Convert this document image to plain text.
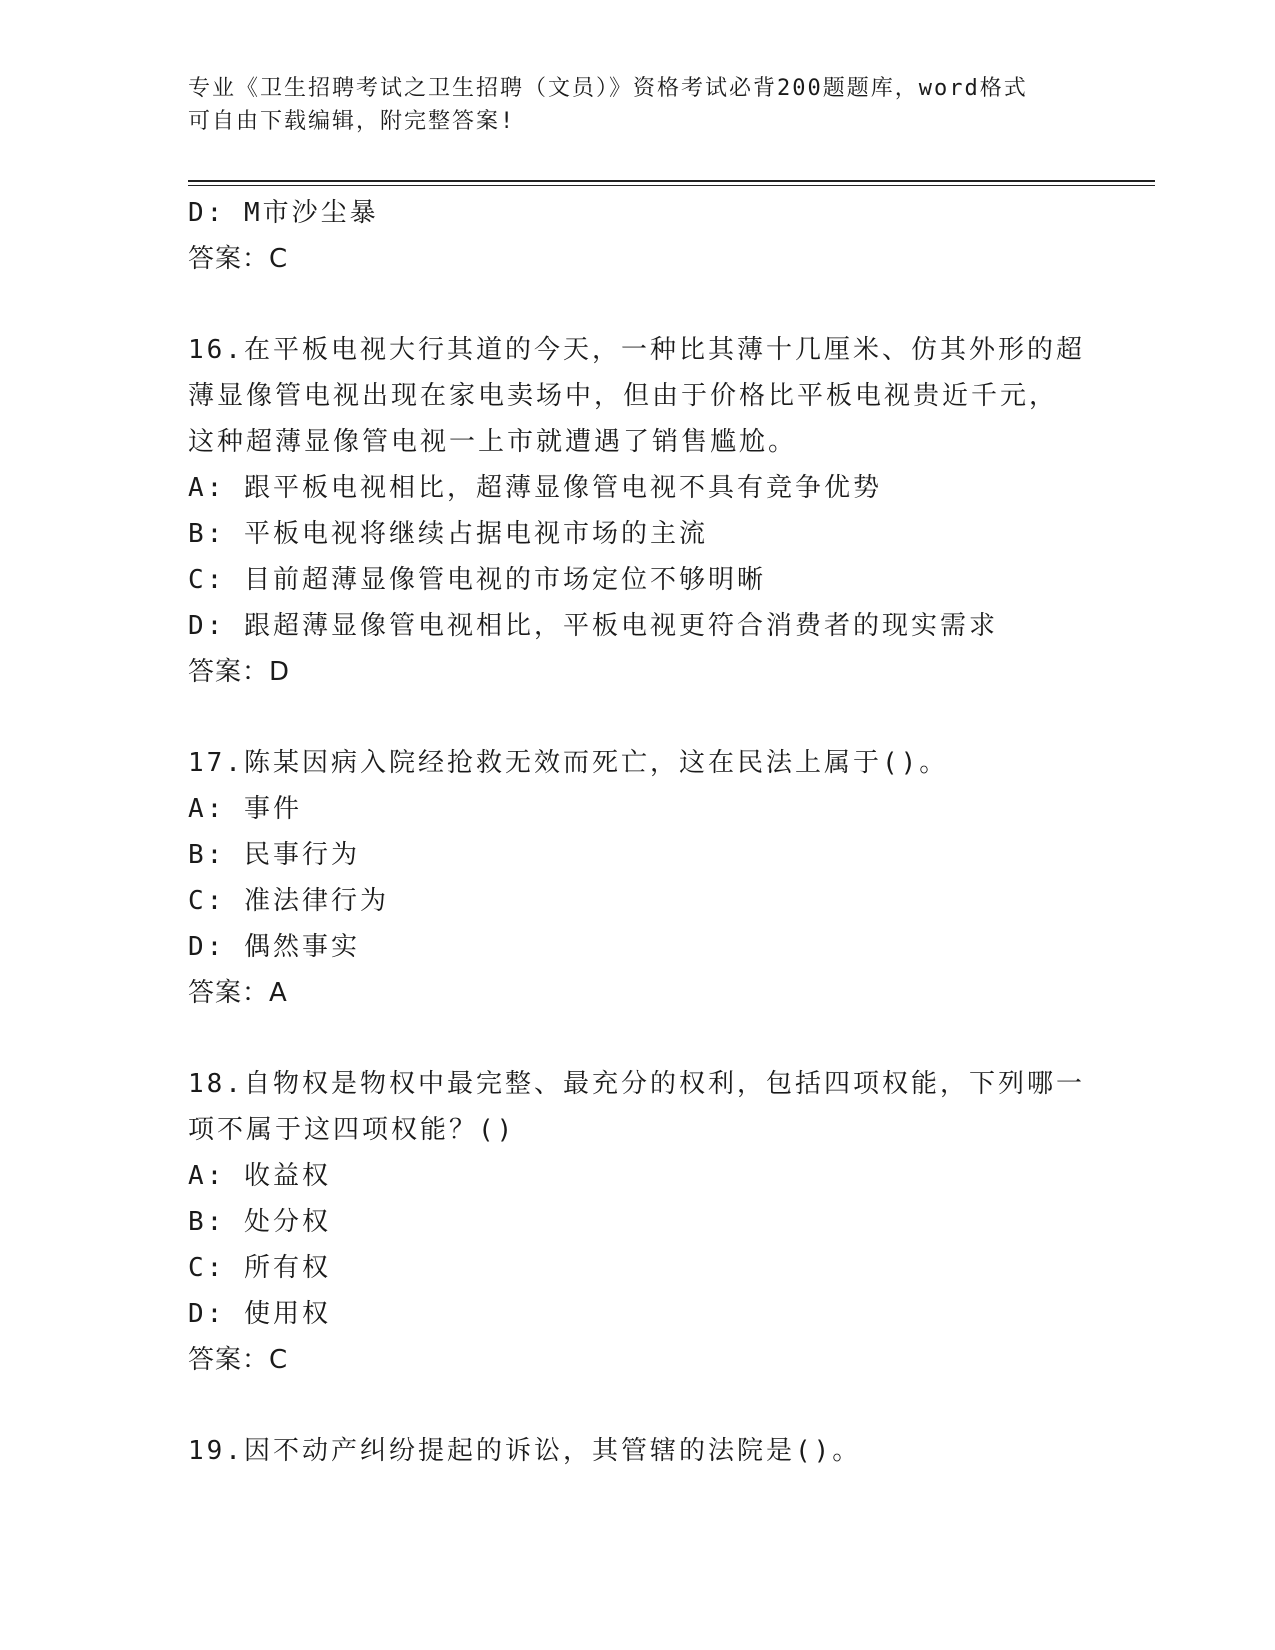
专业《卫生招聘考试之卫生招聘（文员）》资格考试必背200题题库，word格式
可自由下载编辑，附完整答案!
D: M市沙尘暴
答案：C
16.在平板电视大行其道的今天，一种比其薄十几厘米、仿其外形的超
薄显像管电视出现在家电卖场中，但由于价格比平板电视贵近千元，
这种超薄显像管电视一上市就遭遇了销售尴尬。
A: 跟平板电视相比，超薄显像管电视不具有竞争优势
B: 平板电视将继续占据电视市场的主流
C: 目前超薄显像管电视的市场定位不够明晰
D: 跟超薄显像管电视相比，平板电视更符合消费者的现实需求
答案：D
17.陈某因病入院经抢救无效而死亡，这在民法上属于()。
A: 事件
B: 民事行为
C: 准法律行为
D: 偶然事实
答案：A
18.自物权是物权中最完整、最充分的权利，包括四项权能，下列哪一
项不属于这四项权能？()
A: 收益权
B: 处分权
C: 所有权
D: 使用权
答案：C
19.因不动产纠纷提起的诉讼，其管辖的法院是()。
